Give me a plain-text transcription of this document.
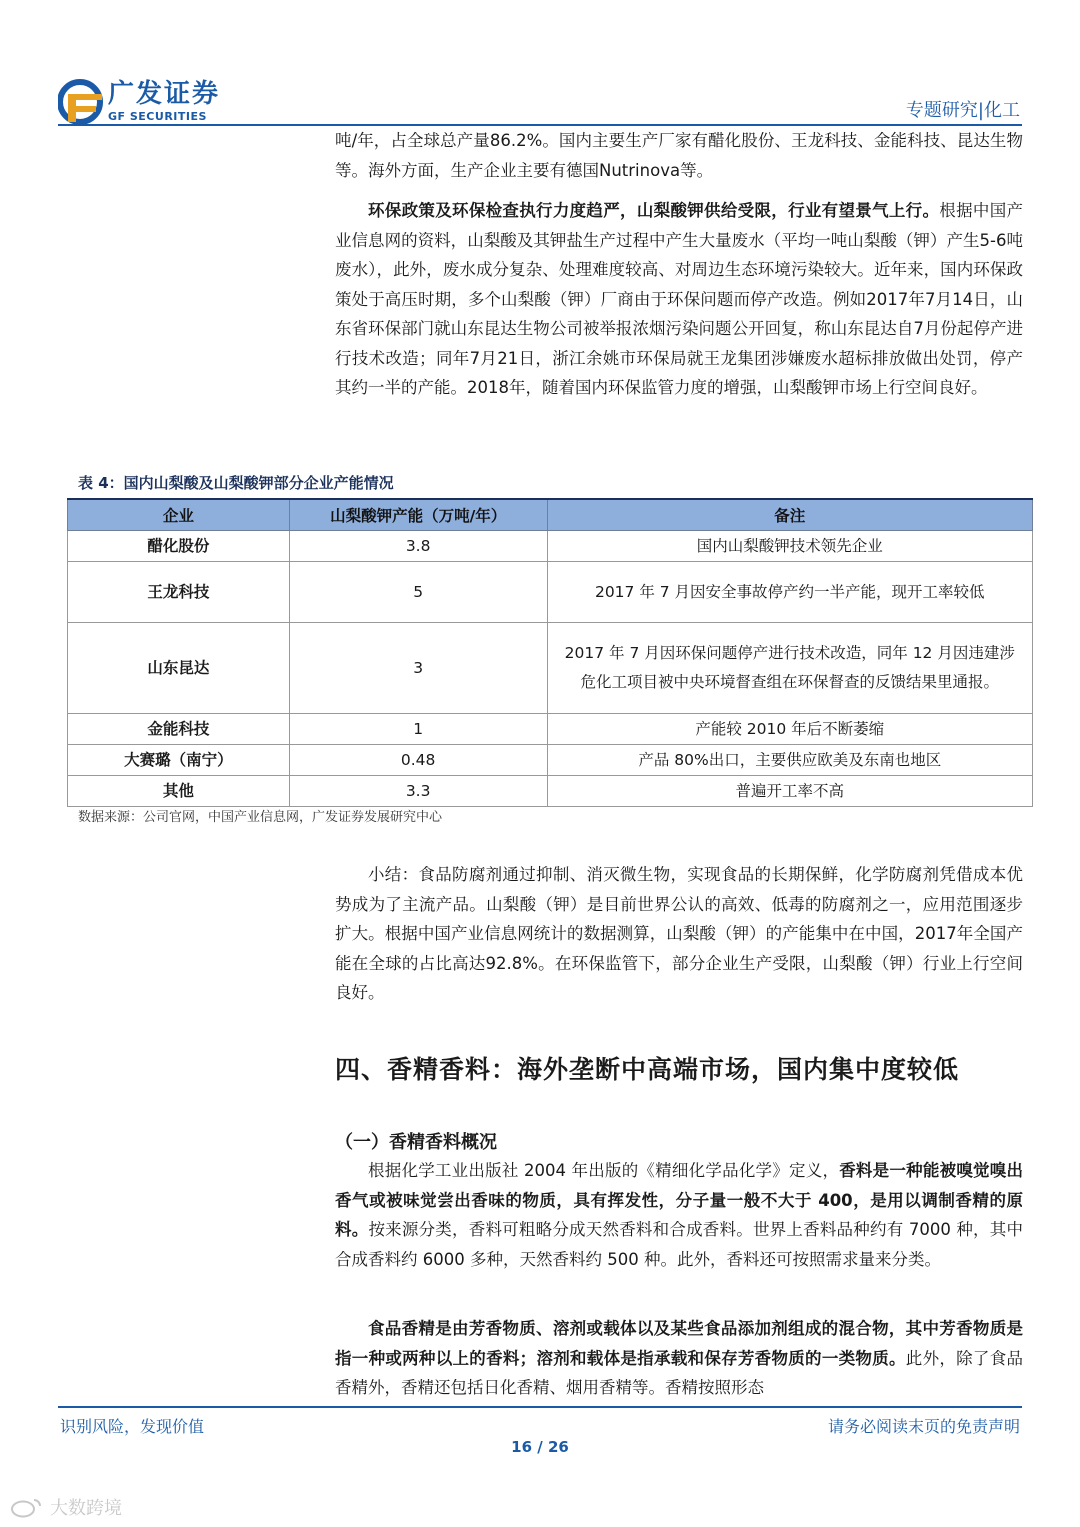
广发证券
GF SECURITIES	专题研究|化工
吨/年，占全球总产量86.2%。国内主要生产厂家有醋化股份、王龙科技、金能科技、昆达生物等。海外方面，生产企业主要有德国Nutrinova等。
环保政策及环保检查执行力度趋严，山梨酸钾供给受限，行业有望景气上行。根据中国产业信息网的资料，山梨酸及其钾盐生产过程中产生大量废水（平均一吨山梨酸（钾）产生5-6吨废水），此外，废水成分复杂、处理难度较高、对周边生态环境污染较大。近年来，国内环保政策处于高压时期，多个山梨酸（钾）厂商由于环保问题而停产改造。例如2017年7月14日，山东省环保部门就山东昆达生物公司被举报浓烟污染问题公开回复，称山东昆达自7月份起停产进行技术改造；同年7月21日，浙江余姚市环保局就王龙集团涉嫌废水超标排放做出处罚，停产其约一半的产能。2018年，随着国内环保监管力度的增强，山梨酸钾市场上行空间良好。
表 4：国内山梨酸及山梨酸钾部分企业产能情况
企业	山梨酸钾产能（万吨/年）	备注
醋化股份	3.8	国内山梨酸钾技术领先企业
王龙科技	5	2017 年 7 月因安全事故停产约一半产能，现开工率较低
山东昆达	3	2017 年 7 月因环保问题停产进行技术改造，同年 12 月因违建涉危化工项目被中央环境督查组在环保督查的反馈结果里通报。
金能科技	1	产能较 2010 年后不断萎缩
大赛璐（南宁）	0.48	产品 80%出口，主要供应欧美及东南也地区
其他	3.3	普遍开工率不高
数据来源：公司官网，中国产业信息网，广发证券发展研究中心
小结：食品防腐剂通过抑制、消灭微生物，实现食品的长期保鲜，化学防腐剂凭借成本优势成为了主流产品。山梨酸（钾）是目前世界公认的高效、低毒的防腐剂之一，应用范围逐步扩大。根据中国产业信息网统计的数据测算，山梨酸（钾）的产能集中在中国，2017年全国产能在全球的占比高达92.8%。在环保监管下，部分企业生产受限，山梨酸（钾）行业上行空间良好。
四、香精香料：海外垄断中高端市场，国内集中度较低
（一）香精香料概况
根据化学工业出版社 2004 年出版的《精细化学品化学》定义，香料是一种能被嗅觉嗅出香气或被味觉尝出香味的物质，具有挥发性，分子量一般不大于 400，是用以调制香精的原料。按来源分类，香料可粗略分成天然香料和合成香料。世界上香料品种约有 7000 种，其中合成香料约 6000 多种，天然香料约 500 种。此外，香料还可按照需求量来分类。
食品香精是由芳香物质、溶剂或载体以及某些食品添加剂组成的混合物，其中芳香物质是指一种或两种以上的香料；溶剂和载体是指承载和保存芳香物质的一类物质。此外，除了食品香精外，香精还包括日化香精、烟用香精等。香精按照形态
识别风险，发现价值	请务必阅读末页的免责声明
16 / 26
大数跨境
